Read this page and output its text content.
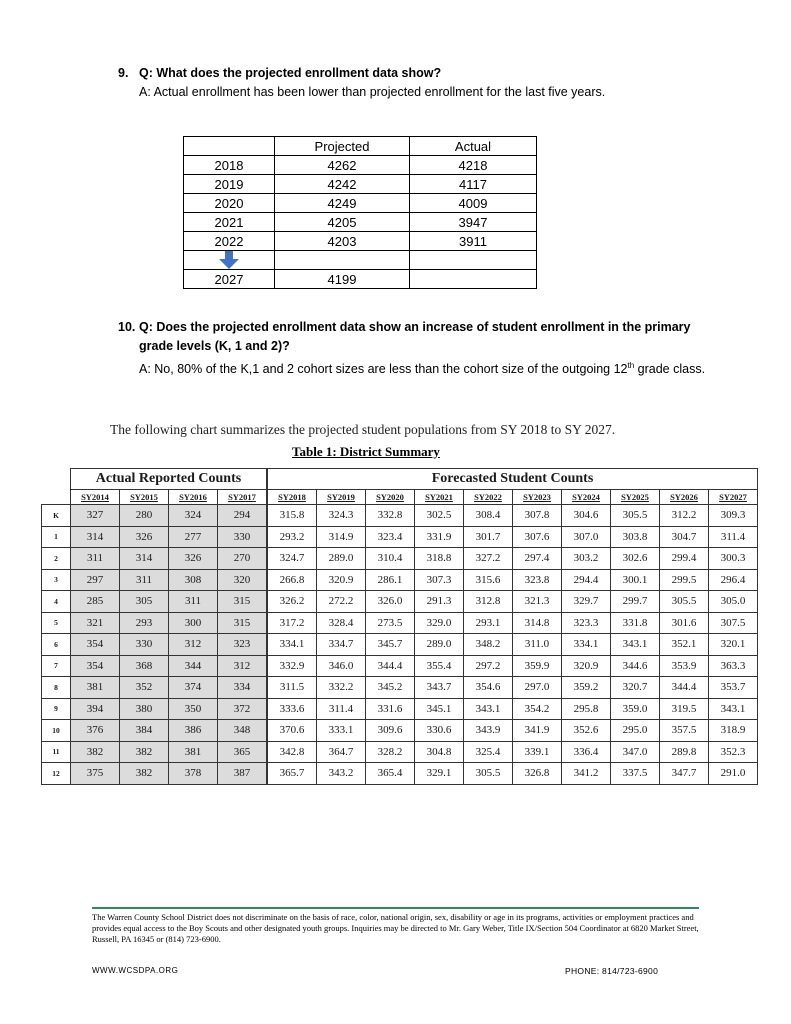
9. Q: What does the projected enrollment data show?
A: Actual enrollment has been lower than projected enrollment for the last five years.
	Projected	Actual
2018	4262	4218
2019	4242	4117
2020	4249	4009
2021	4205	3947
2022	4203	3911

2027	4199	
10. Q: Does the projected enrollment data show an increase of student enrollment in the primary grade levels (K, 1 and 2)?
A: No, 80% of the K,1 and 2 cohort sizes are less than the cohort size of the outgoing 12th grade class.
The following chart summarizes the projected student populations from SY 2018 to SY 2027.
Table 1: District Summary
	Actual Reported Counts				Forecasted Student Counts									
	SY2014	SY2015	SY2016	SY2017	SY2018	SY2019	SY2020	SY2021	SY2022	SY2023	SY2024	SY2025	SY2026	SY2027
K	327	280	324	294	315.8	324.3	332.8	302.5	308.4	307.8	304.6	305.5	312.2	309.3
1	314	326	277	330	293.2	314.9	323.4	331.9	301.7	307.6	307.0	303.8	304.7	311.4
2	311	314	326	270	324.7	289.0	310.4	318.8	327.2	297.4	303.2	302.6	299.4	300.3
3	297	311	308	320	266.8	320.9	286.1	307.3	315.6	323.8	294.4	300.1	299.5	296.4
4	285	305	311	315	326.2	272.2	326.0	291.3	312.8	321.3	329.7	299.7	305.5	305.0
5	321	293	300	315	317.2	328.4	273.5	329.0	293.1	314.8	323.3	331.8	301.6	307.5
6	354	330	312	323	334.1	334.7	345.7	289.0	348.2	311.0	334.1	343.1	352.1	320.1
7	354	368	344	312	332.9	346.0	344.4	355.4	297.2	359.9	320.9	344.6	353.9	363.3
8	381	352	374	334	311.5	332.2	345.2	343.7	354.6	297.0	359.2	320.7	344.4	353.7
9	394	380	350	372	333.6	311.4	331.6	345.1	343.1	354.2	295.8	359.0	319.5	343.1
10	376	384	386	348	370.6	333.1	309.6	330.6	343.9	341.9	352.6	295.0	357.5	318.9
11	382	382	381	365	342.8	364.7	328.2	304.8	325.4	339.1	336.4	347.0	289.8	352.3
12	375	382	378	387	365.7	343.2	365.4	329.1	305.5	326.8	341.2	337.5	347.7	291.0
The Warren County School District does not discriminate on the basis of race, color, national origin, sex, disability or age in its programs, activities or employment practices and provides equal access to the Boy Scouts and other designated youth groups. Inquiries may be directed to Mr. Gary Weber, Title IX/Section 504 Coordinator at 6820 Market Street, Russell, PA 16345 or (814) 723-6900.
WWW.WCSDPA.ORG	PHONE: 814/723-6900
